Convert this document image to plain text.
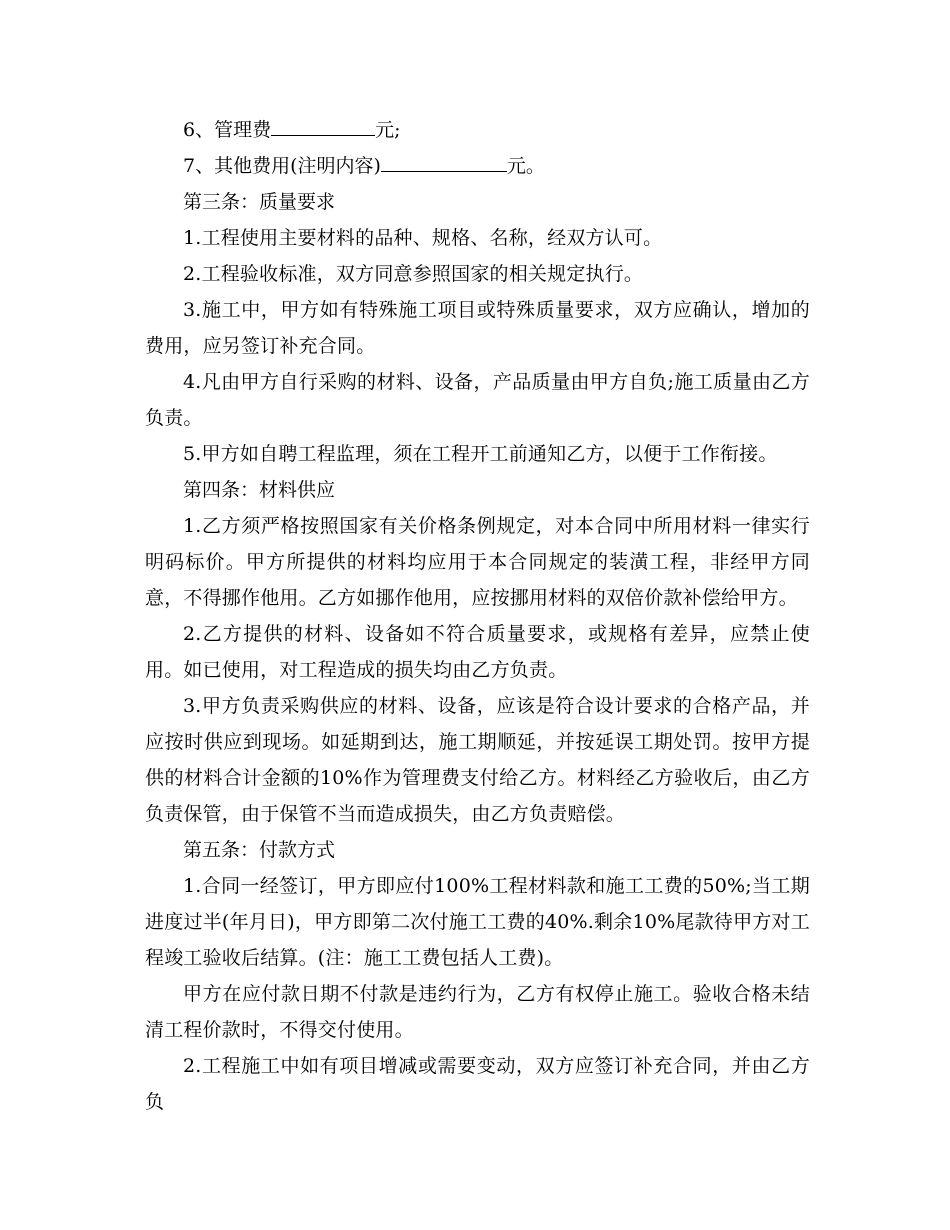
6、管理费	元;

7、其他费用(注明内容)	元。

第三条：质量要求

1.工程使用主要材料的品种、规格、名称，经双方认可。

2.工程验收标准，双方同意参照国家的相关规定执行。

3.施工中，甲方如有特殊施工项目或特殊质量要求，双方应确认，增加的费用，应另签订补充合同。

4.凡由甲方自行采购的材料、设备，产品质量由甲方自负;施工质量由乙方负责。

5.甲方如自聘工程监理，须在工程开工前通知乙方，以便于工作衔接。

第四条：材料供应

1.乙方须严格按照国家有关价格条例规定，对本合同中所用材料一律实行明码标价。甲方所提供的材料均应用于本合同规定的装潢工程，非经甲方同意，不得挪作他用。乙方如挪作他用，应按挪用材料的双倍价款补偿给甲方。

2.乙方提供的材料、设备如不符合质量要求，或规格有差异，应禁止使用。如已使用，对工程造成的损失均由乙方负责。

3.甲方负责采购供应的材料、设备，应该是符合设计要求的合格产品，并应按时供应到现场。如延期到达，施工期顺延，并按延误工期处罚。按甲方提供的材料合计金额的10%作为管理费支付给乙方。材料经乙方验收后，由乙方负责保管，由于保管不当而造成损失，由乙方负责赔偿。

第五条：付款方式

1.合同一经签订，甲方即应付100%工程材料款和施工工费的50%;当工期进度过半(年月日)，甲方即第二次付施工工费的40%.剩余10%尾款待甲方对工程竣工验收后结算。(注：施工工费包括人工费)。

甲方在应付款日期不付款是违约行为，乙方有权停止施工。验收合格未结清工程价款时，不得交付使用。

2.工程施工中如有项目增减或需要变动，双方应签订补充合同，并由乙方负
